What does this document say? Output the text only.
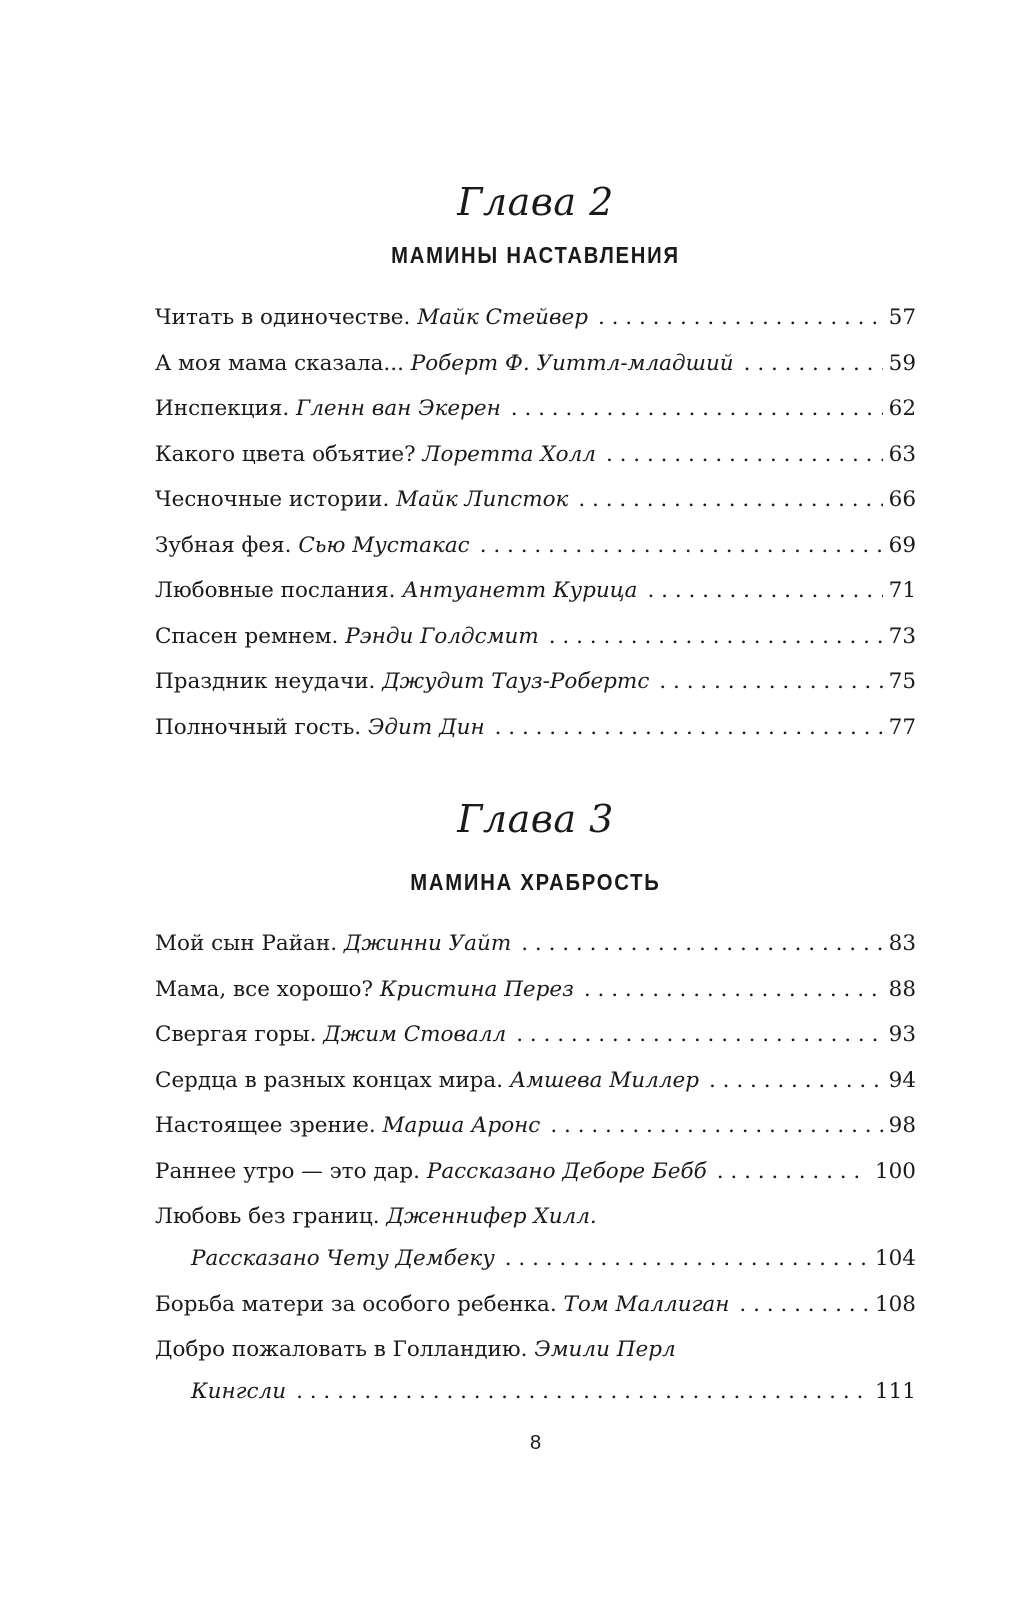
Глава 2
МАМИНЫ НАСТАВЛЕНИЯ
Читать в одиночестве. Майк Стейвер . . .	57
А моя мама сказала... Роберт Ф. Уиттл-младший . . .	59
Инспекция. Гленн ван Экерен . . .	62
Какого цвета объятие? Лоретта Холл . . .	63
Чесночные истории. Майк Липсток . . .	66
Зубная фея. Сью Мустакас . . .	69
Любовные послания. Антуанетт Курица . . .	71
Спасен ремнем. Рэнди Голдсмит . . .	73
Праздник неудачи. Джудит Тауз-Робертс . . .	75
Полночный гость. Эдит Дин . . .	77
Глава 3
МАМИНА ХРАБРОСТЬ
Мой сын Райан. Джинни Уайт . . .	83
Мама, все хорошо? Кристина Перез . . .	88
Свергая горы. Джим Стовалл . . .	93
Сердца в разных концах мира. Амшева Миллер . . .	94
Настоящее зрение. Марша Аронс . . .	98
Раннее утро — это дар. Рассказано Деборе Бебб . . .	100
Любовь без границ. Дженнифер Хилл.
Рассказано Чету Дембеку . . .	104
Борьба матери за особого ребенка. Том Маллиган . . .	108
Добро пожаловать в Голландию. Эмили Перл
Кингсли . . .	111
8
